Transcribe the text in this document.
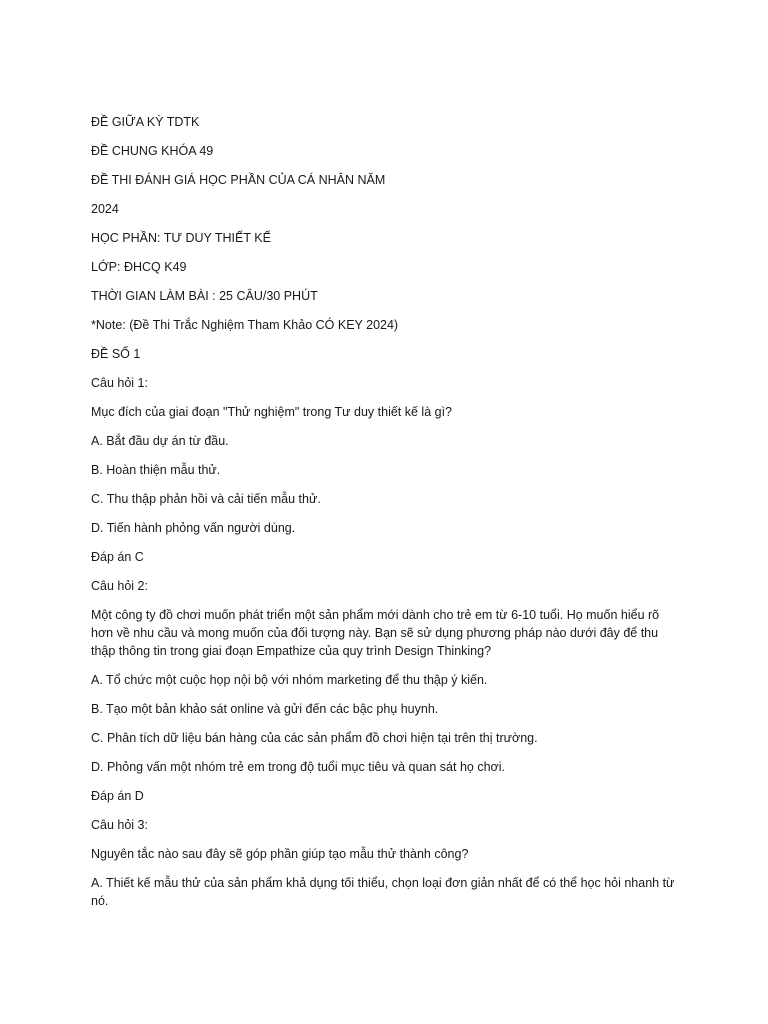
ĐỀ GIỮA KỲ TDTK

ĐỀ CHUNG KHÓA 49

ĐỀ THI ĐÁNH GIÁ HỌC PHẦN CỦA CÁ NHÂN NĂM

2024

HỌC PHẦN: TƯ DUY THIẾT KẾ

LỚP: ĐHCQ K49

THỜI GIAN LÀM BÀI : 25 CÂU/30 PHÚT

*Note: (Đề Thi Trắc Nghiệm Tham Khảo CÓ KEY 2024)

ĐỀ SỐ 1

Câu hỏi 1:

Mục đích của giai đoạn "Thử nghiệm" trong Tư duy thiết kế là gì?

A. Bắt đầu dự án từ đầu.

B. Hoàn thiện mẫu thử.

C. Thu thập phản hồi và cải tiến mẫu thử.

D. Tiến hành phỏng vấn người dùng.

Đáp án C

Câu hỏi 2:

Một công ty đồ chơi muốn phát triển một sản phẩm mới dành cho trẻ em từ 6-10 tuổi. Họ muốn hiểu rõ hơn về nhu cầu và mong muốn của đối tượng này. Bạn sẽ sử dụng phương pháp nào dưới đây để thu thập thông tin trong giai đoạn Empathize của quy trình Design Thinking?

A. Tổ chức một cuộc họp nội bộ với nhóm marketing để thu thập ý kiến.

B. Tạo một bản khảo sát online và gửi đến các bậc phụ huynh.

C. Phân tích dữ liệu bán hàng của các sản phẩm đồ chơi hiện tại trên thị trường.

D. Phỏng vấn một nhóm trẻ em trong độ tuổi mục tiêu và quan sát họ chơi.

Đáp án D

Câu hỏi 3:

Nguyên tắc nào sau đây sẽ góp phần giúp tạo mẫu thử thành công?

A. Thiết kế mẫu thử của sản phẩm khả dụng tối thiểu, chọn loại đơn giản nhất để có thể học hỏi nhanh từ nó.
